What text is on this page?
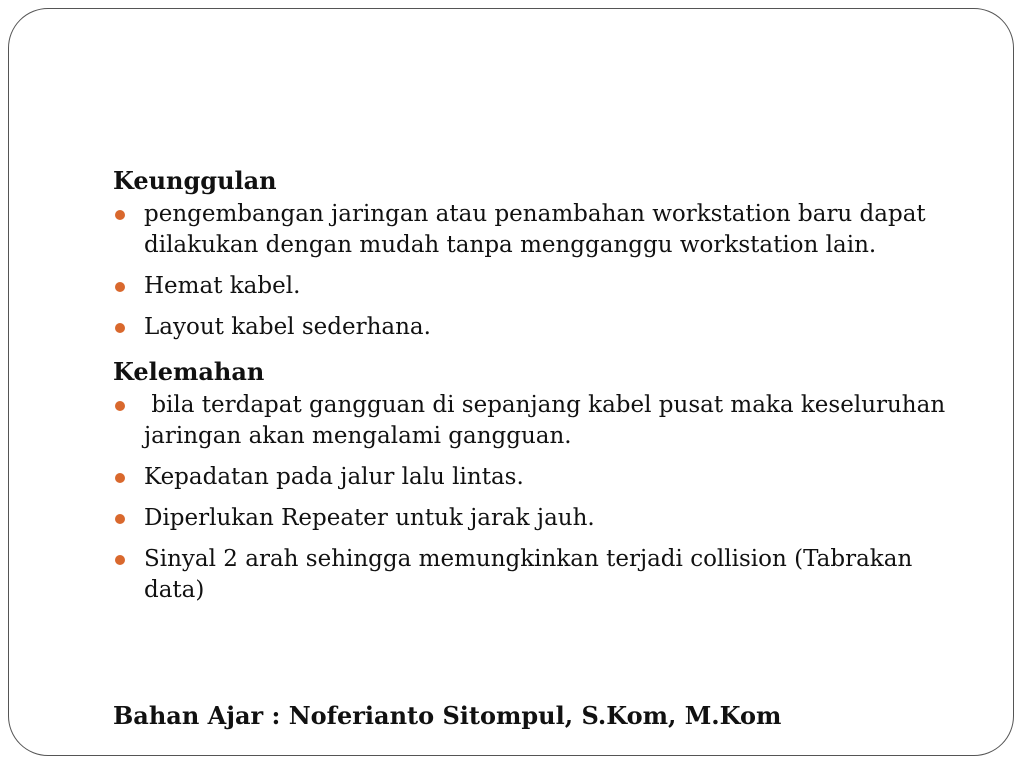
Keunggulan
pengembangan jaringan atau penambahan workstation baru dapat dilakukan dengan mudah tanpa mengganggu workstation lain.
Hemat kabel.
Layout kabel sederhana.
Kelemahan
bila terdapat gangguan di sepanjang kabel pusat maka keseluruhan jaringan akan mengalami gangguan.
Kepadatan pada jalur lalu lintas.
Diperlukan Repeater untuk jarak jauh.
Sinyal 2 arah sehingga memungkinkan terjadi collision (Tabrakan data)
Bahan Ajar : Noferianto Sitompul, S.Kom, M.Kom
